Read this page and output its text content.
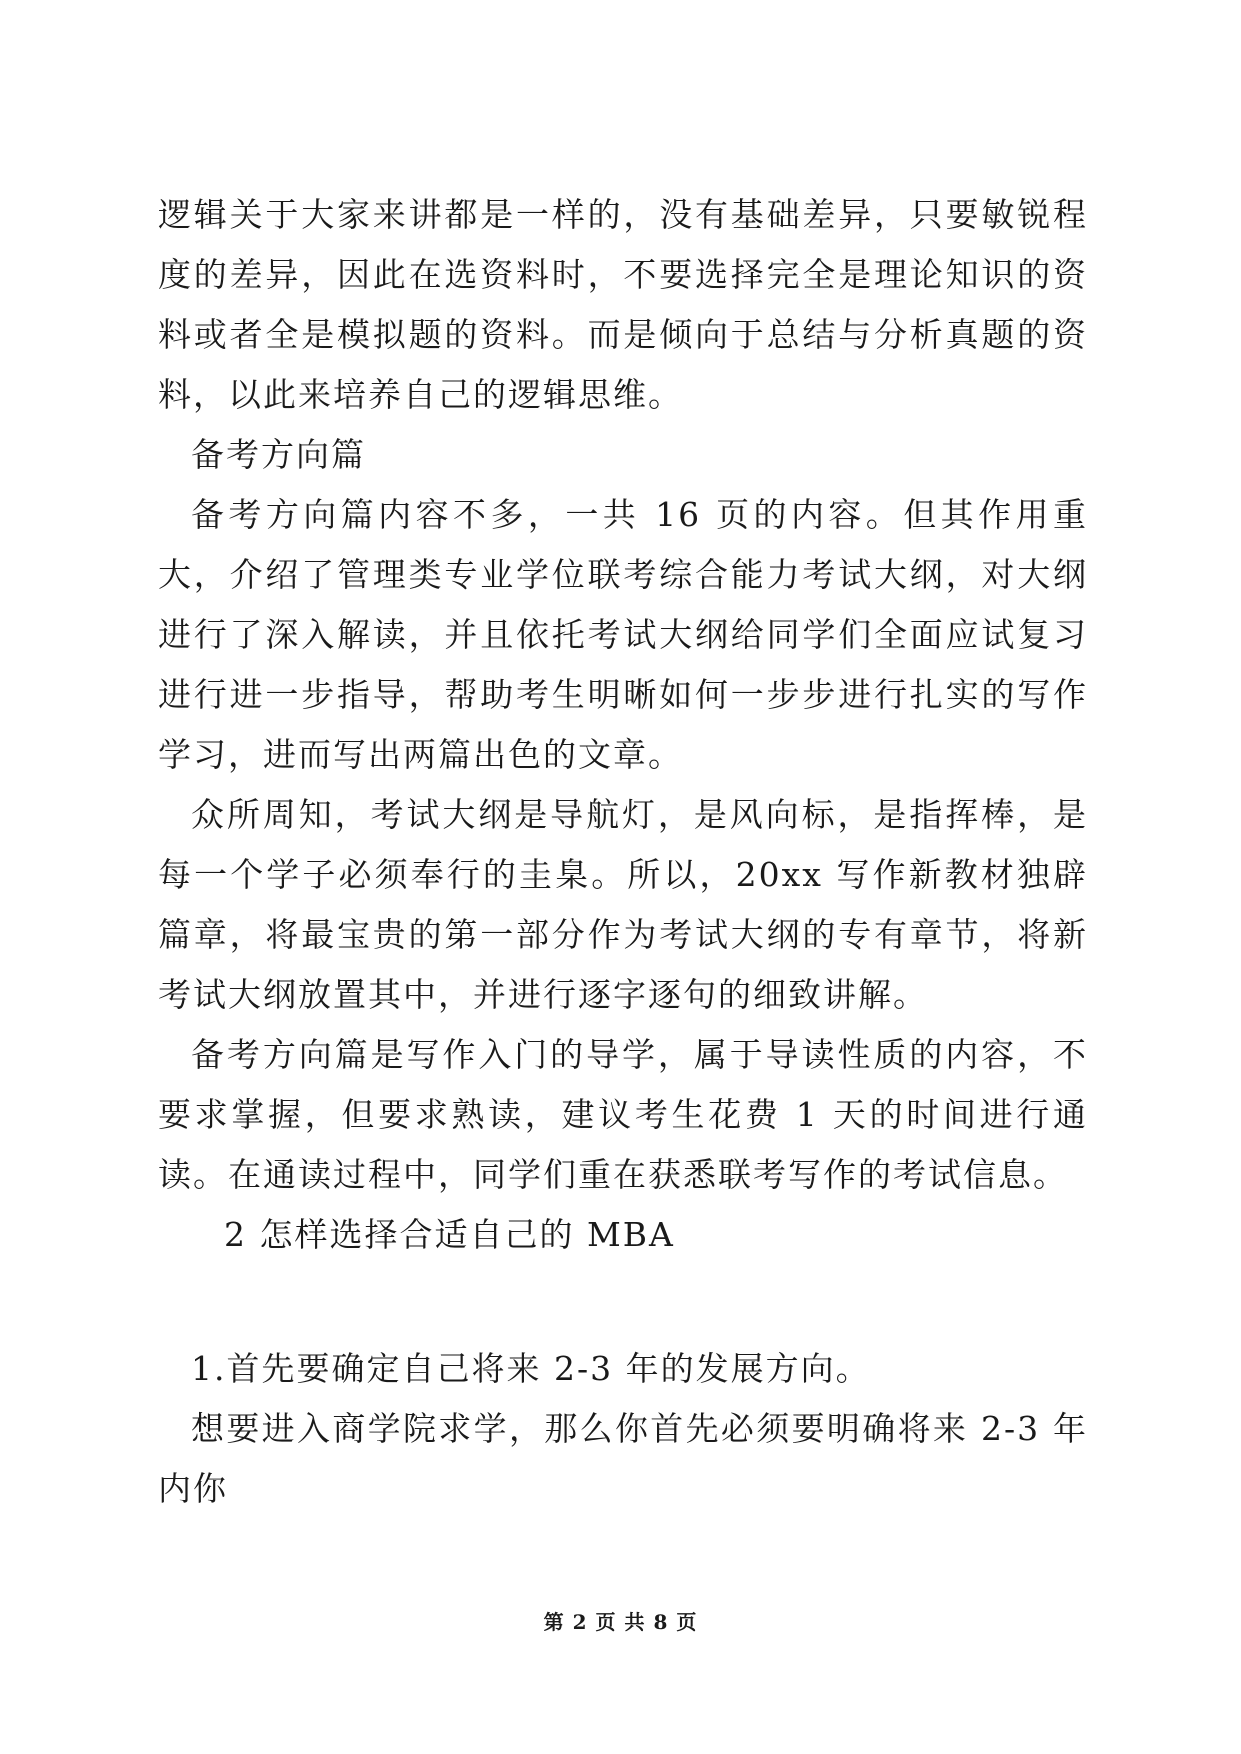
逻辑关于大家来讲都是一样的，没有基础差异，只要敏锐程度的差异，因此在选资料时，不要选择完全是理论知识的资料或者全是模拟题的资料。而是倾向于总结与分析真题的资料，以此来培养自己的逻辑思维。

备考方向篇

备考方向篇内容不多，一共 16 页的内容。但其作用重大，介绍了管理类专业学位联考综合能力考试大纲，对大纲进行了深入解读，并且依托考试大纲给同学们全面应试复习进行进一步指导，帮助考生明晰如何一步步进行扎实的写作学习，进而写出两篇出色的文章。

众所周知，考试大纲是导航灯，是风向标，是指挥棒，是每一个学子必须奉行的圭臬。所以，20xx 写作新教材独辟篇章，将最宝贵的第一部分作为考试大纲的专有章节，将新考试大纲放置其中，并进行逐字逐句的细致讲解。

备考方向篇是写作入门的导学，属于导读性质的内容，不要求掌握，但要求熟读，建议考生花费 1 天的时间进行通读。在通读过程中，同学们重在获悉联考写作的考试信息。

2 怎样选择合适自己的 MBA

1.首先要确定自己将来 2-3 年的发展方向。

想要进入商学院求学，那么你首先必须要明确将来 2-3 年内你

第 2 页 共 8 页
